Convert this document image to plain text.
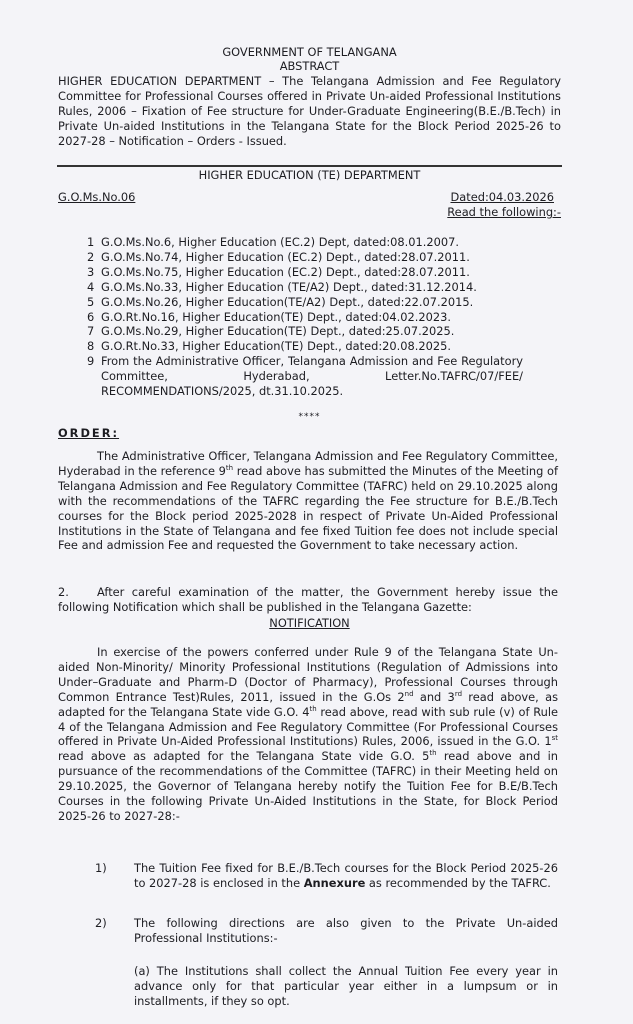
GOVERNMENT OF TELANGANA
ABSTRACT
HIGHER EDUCATION DEPARTMENT – The Telangana Admission and Fee Regulatory Committee for Professional Courses offered in Private Un-aided Professional Institutions Rules, 2006 – Fixation of Fee structure for Under-Graduate Engineering(B.E./B.Tech) in Private Un-aided Institutions in the Telangana State for the Block Period 2025-26 to 2027-28 – Notification – Orders - Issued.
HIGHER EDUCATION (TE) DEPARTMENT
G.O.Ms.No.06	Dated:04.03.2026
Read the following:-
1 G.O.Ms.No.6, Higher Education (EC.2) Dept, dated:08.01.2007.
2 G.O.Ms.No.74, Higher Education (EC.2) Dept., dated:28.07.2011.
3 G.O.Ms.No.75, Higher Education (EC.2) Dept., dated:28.07.2011.
4 G.O.Ms.No.33, Higher Education (TE/A2) Dept., dated:31.12.2014.
5 G.O.Ms.No.26, Higher Education(TE/A2) Dept., dated:22.07.2015.
6 G.O.Rt.No.16, Higher Education(TE) Dept., dated:04.02.2023.
7 G.O.Ms.No.29, Higher Education(TE) Dept., dated:25.07.2025.
8 G.O.Rt.No.33, Higher Education(TE) Dept., dated:20.08.2025.
9 From the Administrative Officer, Telangana Admission and Fee Regulatory Committee, Hyderabad, Letter.No.TAFRC/07/FEE/ RECOMMENDATIONS/2025, dt.31.10.2025.
****
ORDER:
The Administrative Officer, Telangana Admission and Fee Regulatory Committee, Hyderabad in the reference 9th read above has submitted the Minutes of the Meeting of Telangana Admission and Fee Regulatory Committee (TAFRC) held on 29.10.2025 along with the recommendations of the TAFRC regarding the Fee structure for B.E./B.Tech courses for the Block period 2025-2028 in respect of Private Un-Aided Professional Institutions in the State of Telangana and fee fixed Tuition fee does not include special Fee and admission Fee and requested the Government to take necessary action.
2. After careful examination of the matter, the Government hereby issue the following Notification which shall be published in the Telangana Gazette:
NOTIFICATION
In exercise of the powers conferred under Rule 9 of the Telangana State Un-aided Non-Minority/ Minority Professional Institutions (Regulation of Admissions into Under–Graduate and Pharm-D (Doctor of Pharmacy), Professional Courses through Common Entrance Test)Rules, 2011, issued in the G.Os 2nd and 3rd read above, as adapted for the Telangana State vide G.O. 4th read above, read with sub rule (v) of Rule 4 of the Telangana Admission and Fee Regulatory Committee (For Professional Courses offered in Private Un-Aided Professional Institutions) Rules, 2006, issued in the G.O. 1st read above as adapted for the Telangana State vide G.O. 5th read above and in pursuance of the recommendations of the Committee (TAFRC) in their Meeting held on 29.10.2025, the Governor of Telangana hereby notify the Tuition Fee for B.E/B.Tech Courses in the following Private Un-Aided Institutions in the State, for Block Period 2025-26 to 2027-28:-
1)	The Tuition Fee fixed for B.E./B.Tech courses for the Block Period 2025-26 to 2027-28 is enclosed in the Annexure as recommended by the TAFRC.
2)	The following directions are also given to the Private Un-aided Professional Institutions:-
(a) The Institutions shall collect the Annual Tuition Fee every year in advance only for that particular year either in a lumpsum or in installments, if they so opt.
